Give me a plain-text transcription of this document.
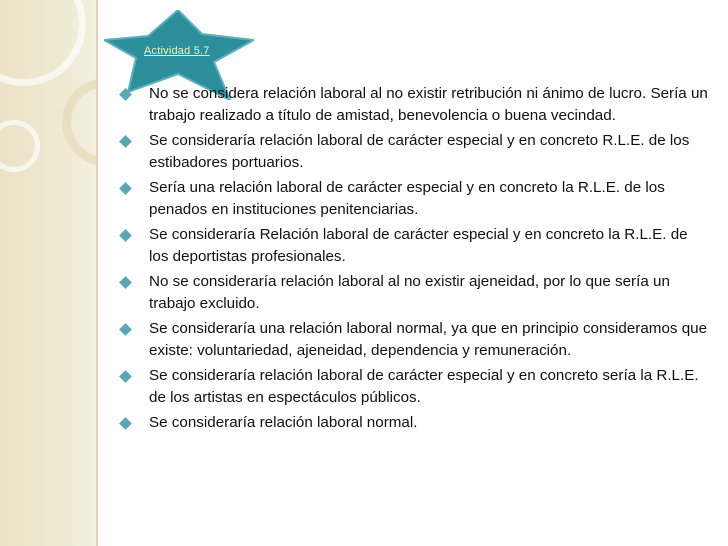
Actividad 5.7
No se considera relación laboral al no existir retribución ni ánimo de lucro. Sería un trabajo realizado a título de amistad, benevolencia o buena vecindad.
Se consideraría relación laboral de carácter especial y en concreto R.L.E. de los estibadores portuarios.
Sería una relación laboral de carácter especial y en concreto la R.L.E. de los penados en instituciones penitenciarias.
Se consideraría Relación laboral de carácter especial y en concreto la R.L.E. de los deportistas profesionales.
No se consideraría relación laboral al no existir ajeneidad, por lo que sería un trabajo excluido.
Se consideraría una relación laboral normal, ya que en principio consideramos que existe: voluntariedad, ajeneidad, dependencia y remuneración.
Se consideraría relación laboral de carácter especial y en concreto sería la R.L.E. de los artistas en espectáculos públicos.
Se consideraría relación laboral normal.
